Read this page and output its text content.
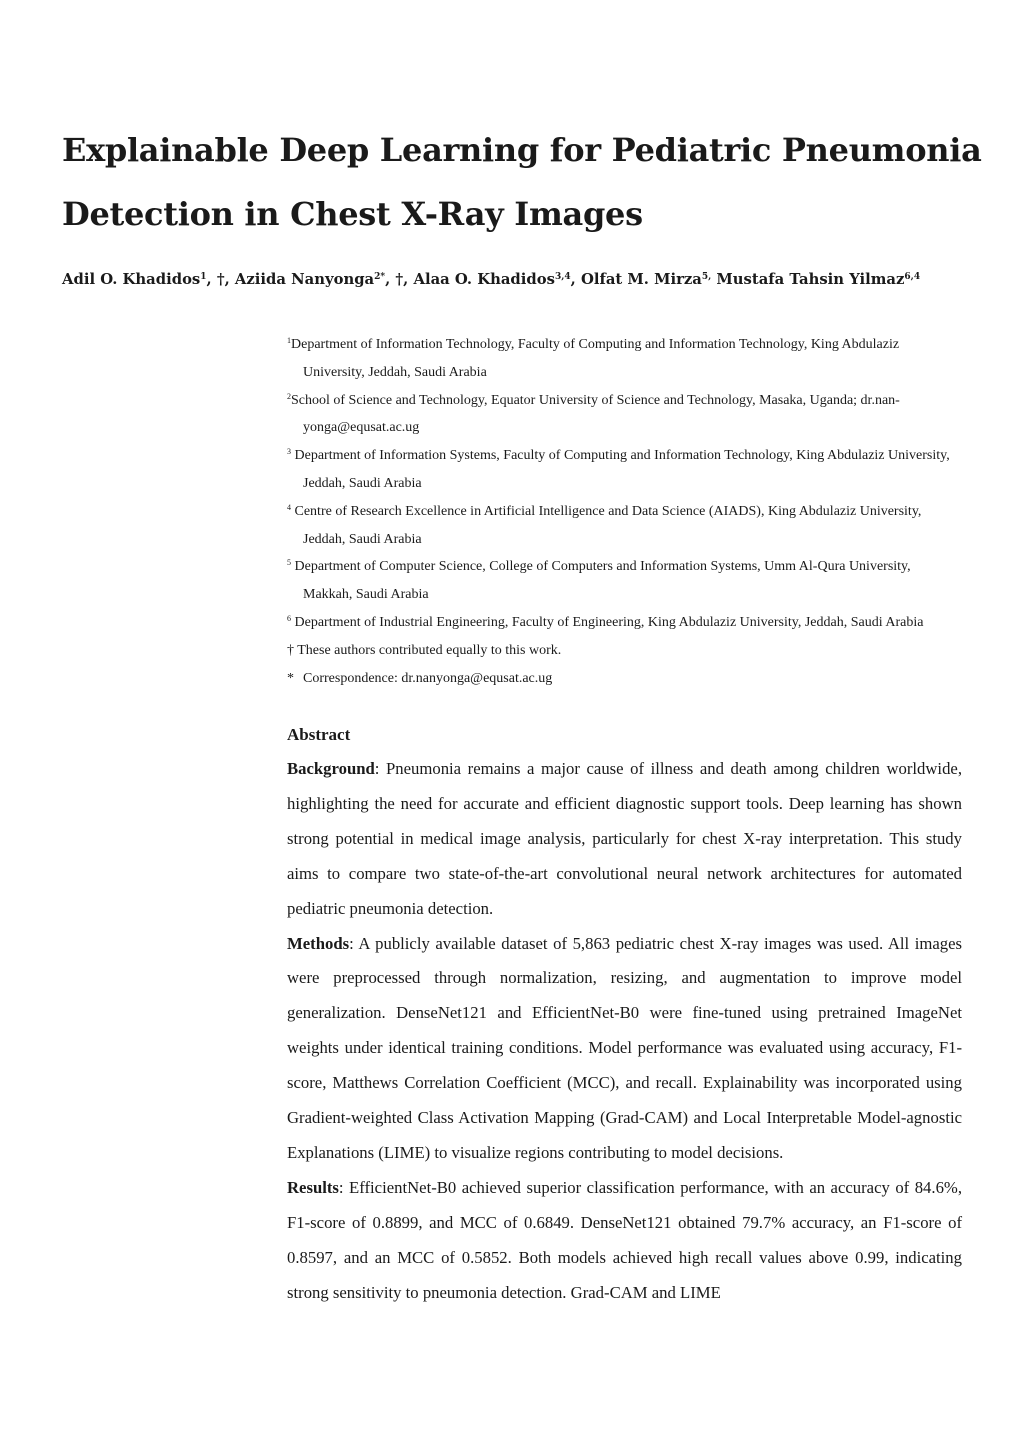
Explainable Deep Learning for Pediatric Pneumonia Detection in Chest X-Ray Images

Adil O. Khadidos$^1$, †, Aziida Nanyonga$^{2*}$, †, Alaa O. Khadidos$^{3,4}$, Olfat M. Mirza$^{5,}$ Mustafa Tahsin Yilmaz$^{6,4}$

$^1$Department of Information Technology, Faculty of Computing and Information Technology, King Abdulaziz University, Jeddah, Saudi Arabia
$^2$School of Science and Technology, Equator University of Science and Technology, Masaka, Uganda; dr.nanyonga@equsat.ac.ug
$^3$ Department of Information Systems, Faculty of Computing and Information Technology, King Abdulaziz University, Jeddah, Saudi Arabia
$^4$ Centre of Research Excellence in Artificial Intelligence and Data Science (AIADS), King Abdulaziz University, Jeddah, Saudi Arabia
$^5$ Department of Computer Science, College of Computers and Information Systems, Umm Al-Qura University, Makkah, Saudi Arabia
$^6$ Department of Industrial Engineering, Faculty of Engineering, King Abdulaziz University, Jeddah, Saudi Arabia
† These authors contributed equally to this work.
* Correspondence: dr.nanyonga@equsat.ac.ug
Abstract

Background: Pneumonia remains a major cause of illness and death among children worldwide, highlighting the need for accurate and efficient diagnostic support tools. Deep learning has shown strong potential in medical image analysis, particularly for chest X-ray interpretation. This study aims to compare two state-of-the-art convolutional neural network architectures for automated pediatric pneumonia detection.

Methods: A publicly available dataset of 5,863 pediatric chest X-ray images was used. All images were preprocessed through normalization, resizing, and augmentation to improve model generalization. DenseNet121 and EfficientNet-B0 were fine-tuned using pretrained ImageNet weights under identical training conditions. Model performance was evaluated using accuracy, F1-score, Matthews Correlation Coefficient (MCC), and recall. Explainability was incorporated using Gradient-weighted Class Activation Mapping (Grad-CAM) and Local Interpretable Model-agnostic Explanations (LIME) to visualize regions contributing to model decisions.

Results: EfficientNet-B0 achieved superior classification performance, with an accuracy of 84.6%, F1-score of 0.8899, and MCC of 0.6849. DenseNet121 obtained 79.7% accuracy, an F1-score of 0.8597, and an MCC of 0.5852. Both models achieved high recall values above 0.99, indicating strong sensitivity to pneumonia detection. Grad-CAM and LIME
